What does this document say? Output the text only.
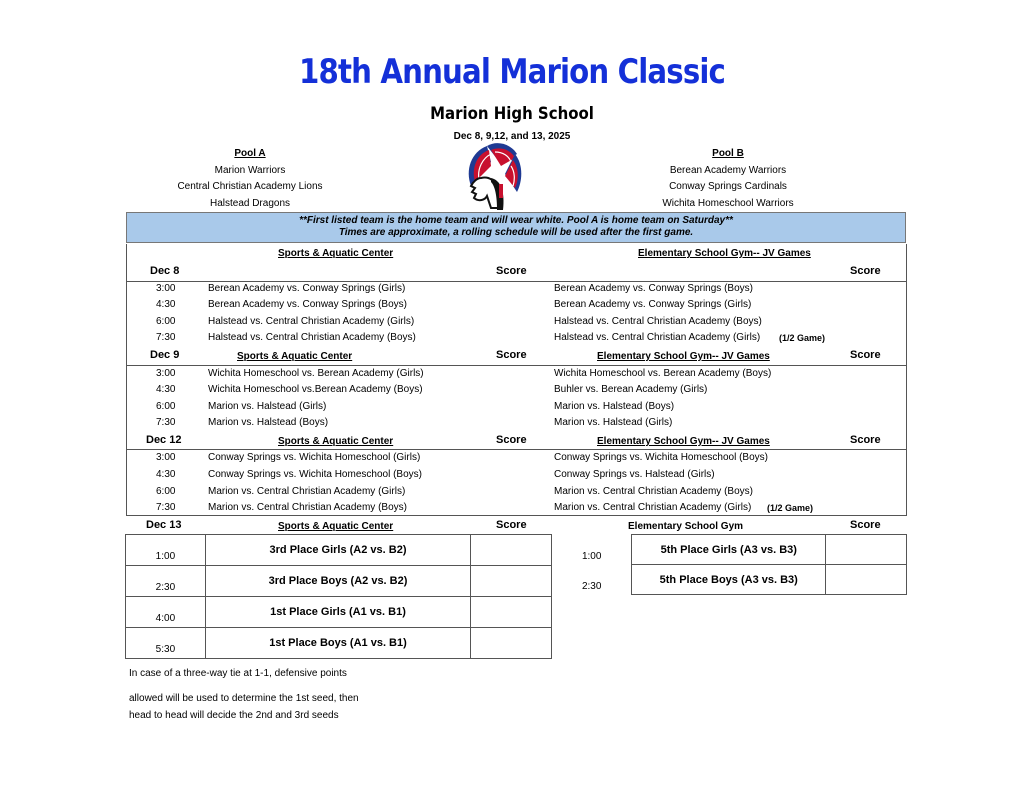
18th Annual Marion Classic
Marion High School
Dec 8, 9,12, and 13, 2025
Pool A
Marion Warriors
Central Christian Academy Lions
Halstead Dragons
Pool B
Berean Academy Warriors
Conway Springs Cardinals
Wichita Homeschool Warriors
**First listed team is the home team and will wear white. Pool A is home team on Saturday**
Times are approximate, a rolling schedule will be used after the first game.
Sports & Aquatic Center	Elementary School Gym-- JV Games
Dec 8	Score	Score
3:00	Berean Academy vs. Conway Springs (Girls)	Berean Academy vs. Conway Springs (Boys)
4:30	Berean Academy vs. Conway Springs (Boys)	Berean Academy vs. Conway Springs (Girls)
6:00	Halstead vs. Central Christian Academy (Girls)	Halstead vs. Central Christian Academy (Boys)
7:30	Halstead vs. Central Christian Academy (Boys)	Halstead vs. Central Christian Academy (Girls) (1/2 Game)
Dec 9	Sports & Aquatic Center	Score	Elementary School Gym-- JV Games	Score
3:00	Wichita Homeschool vs. Berean Academy (Girls)	Wichita Homeschool vs. Berean Academy (Boys)
4:30	Wichita Homeschool vs.Berean Academy (Boys)	Buhler vs. Berean Academy (Girls)
6:00	Marion vs. Halstead (Girls)	Marion vs. Halstead (Boys)
7:30	Marion vs. Halstead (Boys)	Marion vs. Halstead (Girls)
Dec 12	Sports & Aquatic Center	Score	Elementary School Gym-- JV Games	Score
3:00	Conway Springs vs. Wichita Homeschool (Girls)	Conway Springs vs. Wichita Homeschool (Boys)
4:30	Conway Springs vs. Wichita Homeschool (Boys)	Conway Springs vs. Halstead (Girls)
6:00	Marion vs. Central Christian Academy (Girls)	Marion vs. Central Christian Academy (Boys)
7:30	Marion vs. Central Christian Academy (Boys)	Marion vs. Central Christian Academy (Girls) (1/2 Game)
Dec 13	Sports & Aquatic Center	Score	Elementary School Gym	Score
1:00	3rd Place Girls (A2 vs. B2)	
2:30	3rd Place Boys (A2 vs. B2)	
4:00	1st Place Girls (A1 vs. B1)	
5:30	1st Place Boys (A1 vs. B1)	
1:00	5th Place Girls (A3 vs. B3)	
2:30	5th Place Boys (A3 vs. B3)	
In case of a three-way tie at 1-1, defensive points
allowed will be used to determine the 1st seed, then
head to head will decide the 2nd and 3rd seeds
